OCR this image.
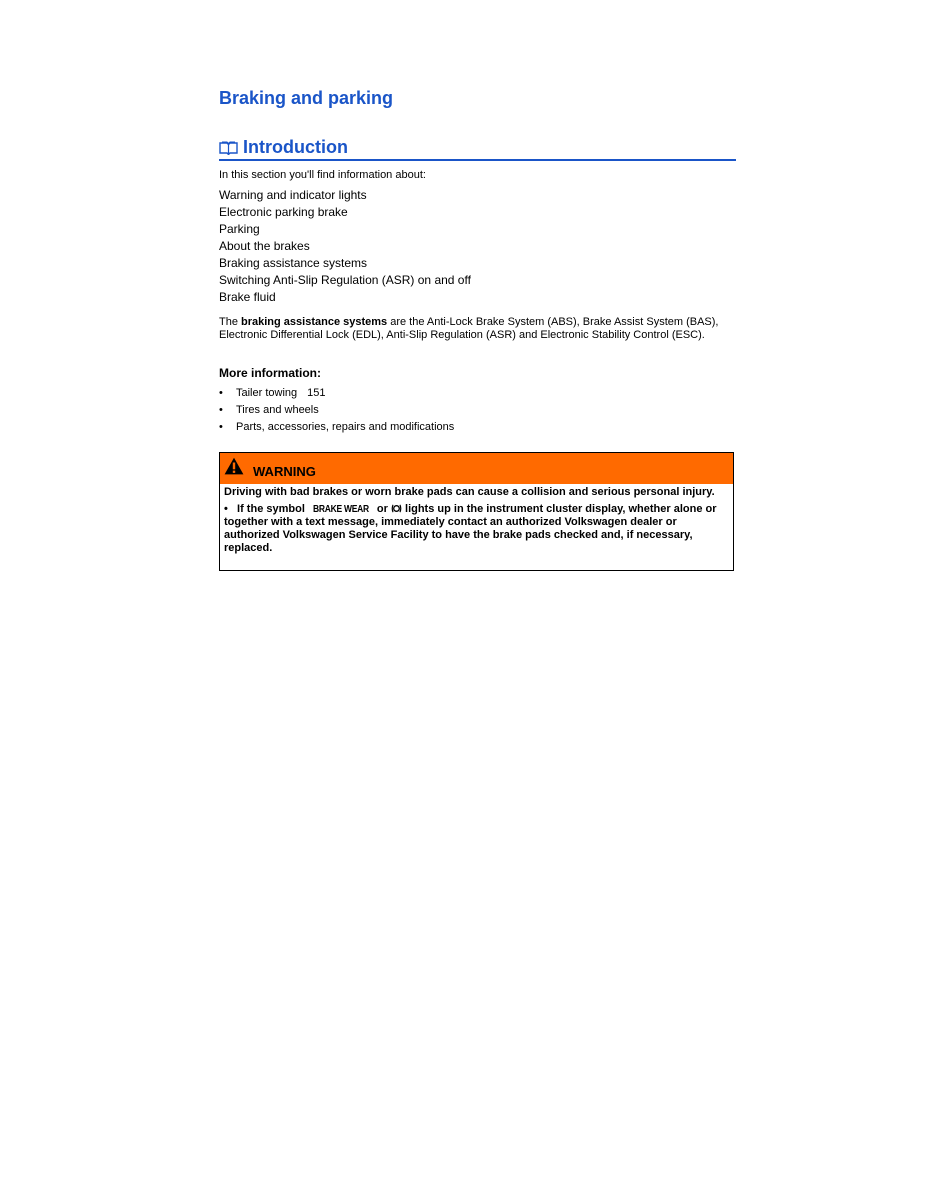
Braking and parking
Introduction
In this section you'll find information about:
Warning and indicator lights
Electronic parking brake
Parking
About the brakes
Braking assistance systems
Switching Anti-Slip Regulation (ASR) on and off
Brake fluid

The braking assistance systems are the Anti-Lock Brake System (ABS), Brake Assist System (BAS), Electronic Differential Lock (EDL), Anti-Slip Regulation (ASR) and Electronic Stability Control (ESC).

More information:
•	Tailer towing 151
•	Tires and wheels
•	Parts, accessories, repairs and modifications
WARNING

Driving with bad brakes or worn brake pads can cause a collision and serious personal injury.

•   If the symbol BRAKE WEAR or  lights up in the instrument cluster display, whether alone or together with a text message, immediately contact an authorized Volkswagen dealer or authorized Volkswagen Service Facility to have the brake pads checked and, if necessary, replaced.
